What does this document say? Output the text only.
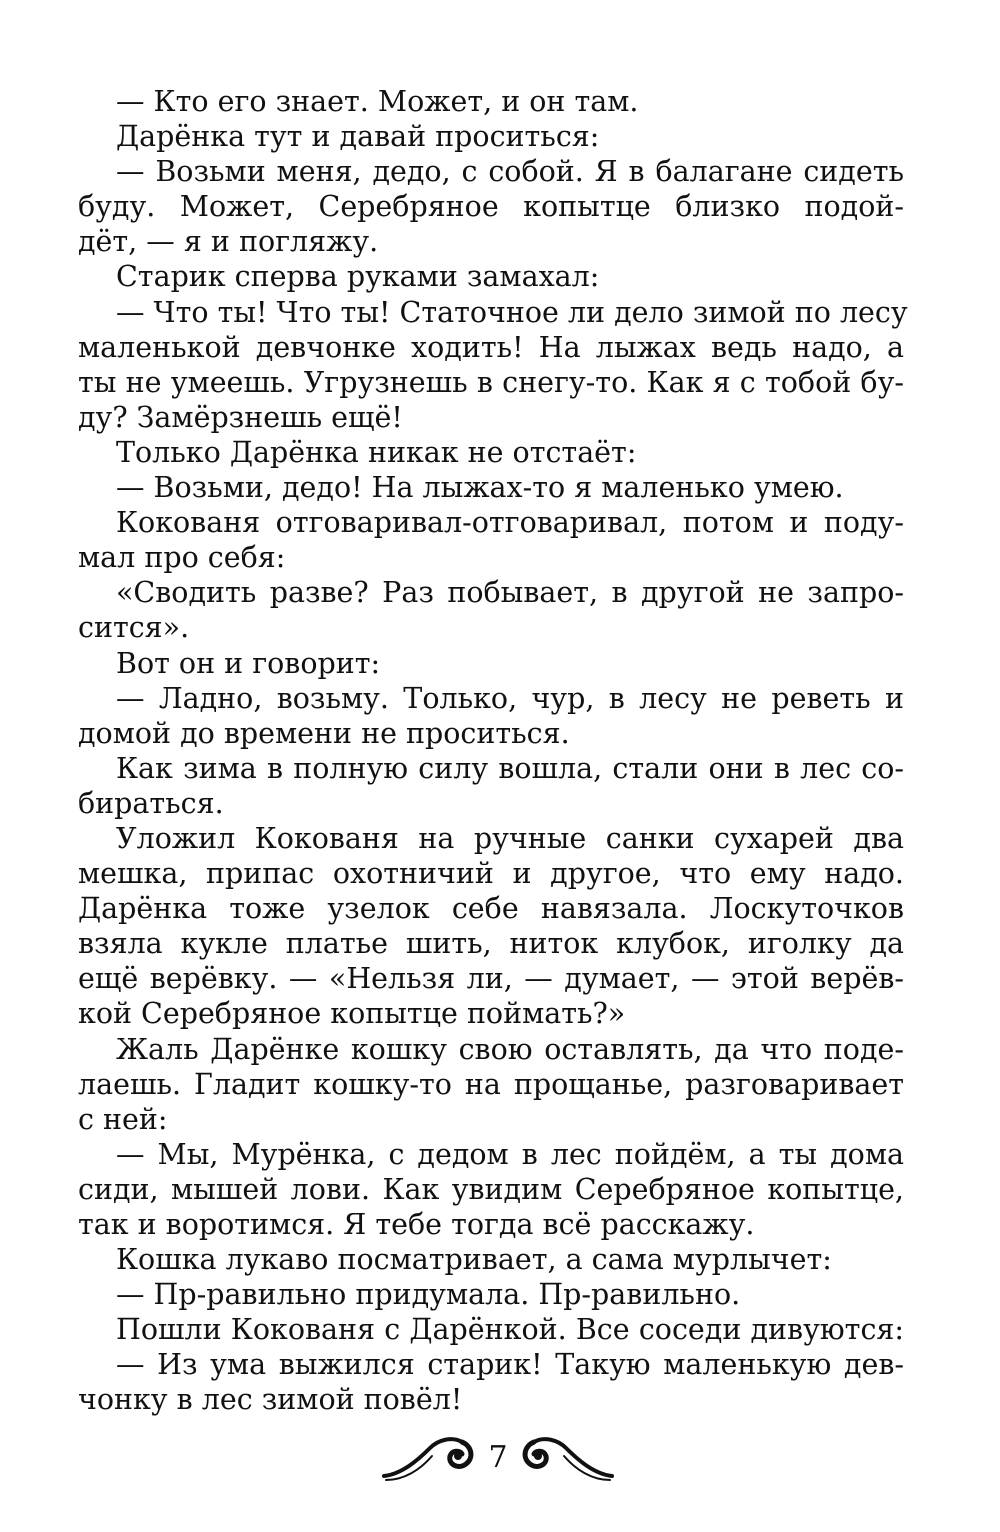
— Кто его знает. Может, и он там.
Дарёнка тут и давай проситься:
— Возьми меня, дедо, с собой. Я в балагане сидеть
буду. Может, Серебряное копытце близко подой-
дёт, — я и погляжу.
Старик сперва руками замахал:
— Что ты! Что ты! Статочное ли дело зимой по лесу
маленькой девчонке ходить! На лыжах ведь надо, а
ты не умеешь. Угрузнешь в снегу-то. Как я с тобой бу-
ду? Замёрзнешь ещё!
Только Дарёнка никак не отстаёт:
— Возьми, дедо! На лыжах-то я маленько умею.
Кокованя отговаривал-отговаривал, потом и поду-
мал про себя:
«Сводить разве? Раз побывает, в другой не запро-
сится».
Вот он и говорит:
— Ладно, возьму. Только, чур, в лесу не реветь и
домой до времени не проситься.
Как зима в полную силу вошла, стали они в лес со-
бираться.
Уложил Кокованя на ручные санки сухарей два
мешка, припас охотничий и другое, что ему надо.
Дарёнка тоже узелок себе навязала. Лоскуточков
взяла кукле платье шить, ниток клубок, иголку да
ещё верёвку. — «Нельзя ли, — думает, — этой верёв-
кой Серебряное копытце поймать?»
Жаль Дарёнке кошку свою оставлять, да что поде-
лаешь. Гладит кошку-то на прощанье, разговаривает
с ней:
— Мы, Мурёнка, с дедом в лес пойдём, а ты дома
сиди, мышей лови. Как увидим Серебряное копытце,
так и воротимся. Я тебе тогда всё расскажу.
Кошка лукаво посматривает, а сама мурлычет:
— Пр-равильно придумала. Пр-равильно.
Пошли Кокованя с Дарёнкой. Все соседи дивуются:
— Из ума выжился старик! Такую маленькую дев-
чонку в лес зимой повёл!
7
